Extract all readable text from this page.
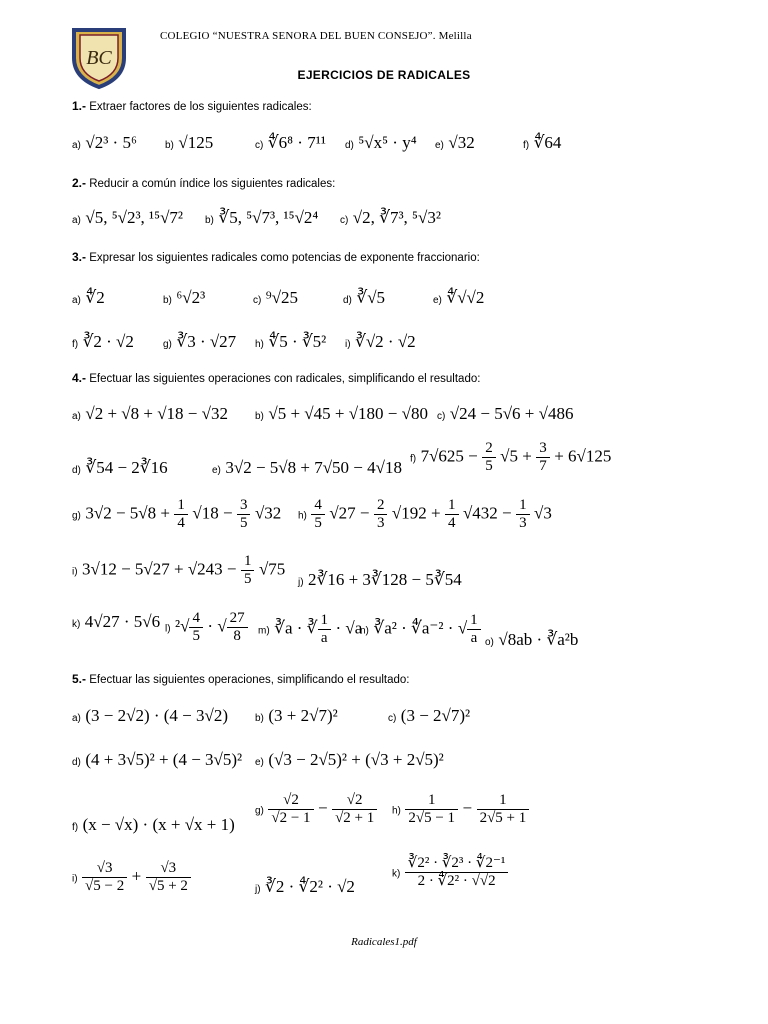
BC
COLEGIO “NUESTRA SENORA DEL BUEN CONSEJO”. Melilla
EJERCICIOS DE RADICALES
1.- Extraer factores de los siguientes radicales:
a) √2³ · 5⁶	b) √125	c) ∜6⁸ · 7¹¹ d) ⁵√x⁵ · y⁴ e) √32	f) ∜64
2.- Reducir a común índice los siguientes radicales:
a) √5, ⁵√2³, ¹⁵√7² b) ∛5, ⁵√7³, ¹⁵√2⁴ c) √2, ∛7³, ⁵√3²
3.- Expresar los siguientes radicales como potencias de exponente fraccionario:
a) ∜2	b) ⁶√2³	c) ⁹√25	d) ∛√5	e) ∜√√2
f) ∛2 · √2	g) ∛3 · √27 h) ∜5 · ∛5² i) ∛√2 · √2
4.- Efectuar las siguientes operaciones con radicales, simplificando el resultado:
a) √2 + √8 + √18 − √32	b) √5 + √45 + √180 − √80 c) √24 − 5√6 + √486
d) ∛54 − 2∛16	e) 3√2 − 5√8 + 7√50 − 4√18 f) $7√625 - \frac{2}{5} √5 + \frac{3}{7} + 6√125$
g) $3√2 - 5√8 + \frac{1}{4} √18 - \frac{3}{5} √32$ $h) \frac{4}{5} √27 - \frac{2}{3} √192 + \frac{1}{4} √432 - \frac{1}{3} √3$
i) $3√12 - 5√27 + √243 - \frac{1}{5} √75$
j) 2∛16 + 3∛128 − 5∛54
k) 4√27 · 5√6 l) $^2√ \frac{4}{5}$ · √ $\frac{27}{8} m$) ∛a · ∛ $\frac{1}{a} \cdot √a$
n) ∛a² · ∜a⁻² · √ $\frac{1}{a} o$) √8ab · ∛a²b
5.- Efectuar las siguientes operaciones, simplificando el resultado:
a) (3 − 2√2) · (4 − 3√2)	b) (3 + 2√7)²	c) (3 − 2√7)²
d) (4 + 3√5)² + (4 − 3√5)² e) (√3 − 2√5)² + (√3 + 2√5)²
f) (x − √x) · (x + √x + 1)
$g) \frac{√2}{√2 - 1} - \frac{√2}{√2 + 1} h) \frac{1}{2√5 - 1} - \frac{1}{2√5 + 1}$
$i) \frac{√3}{√5 - 2} + \frac{√3}{√5 + 2}$	j) ∛2 · ∜2² · √2
$k) \frac{\text{∛2² · ∛2³ · ∜2⁻¹}}{\text{2 · ∜2² · √√2}}$
Radicales1.pdf
